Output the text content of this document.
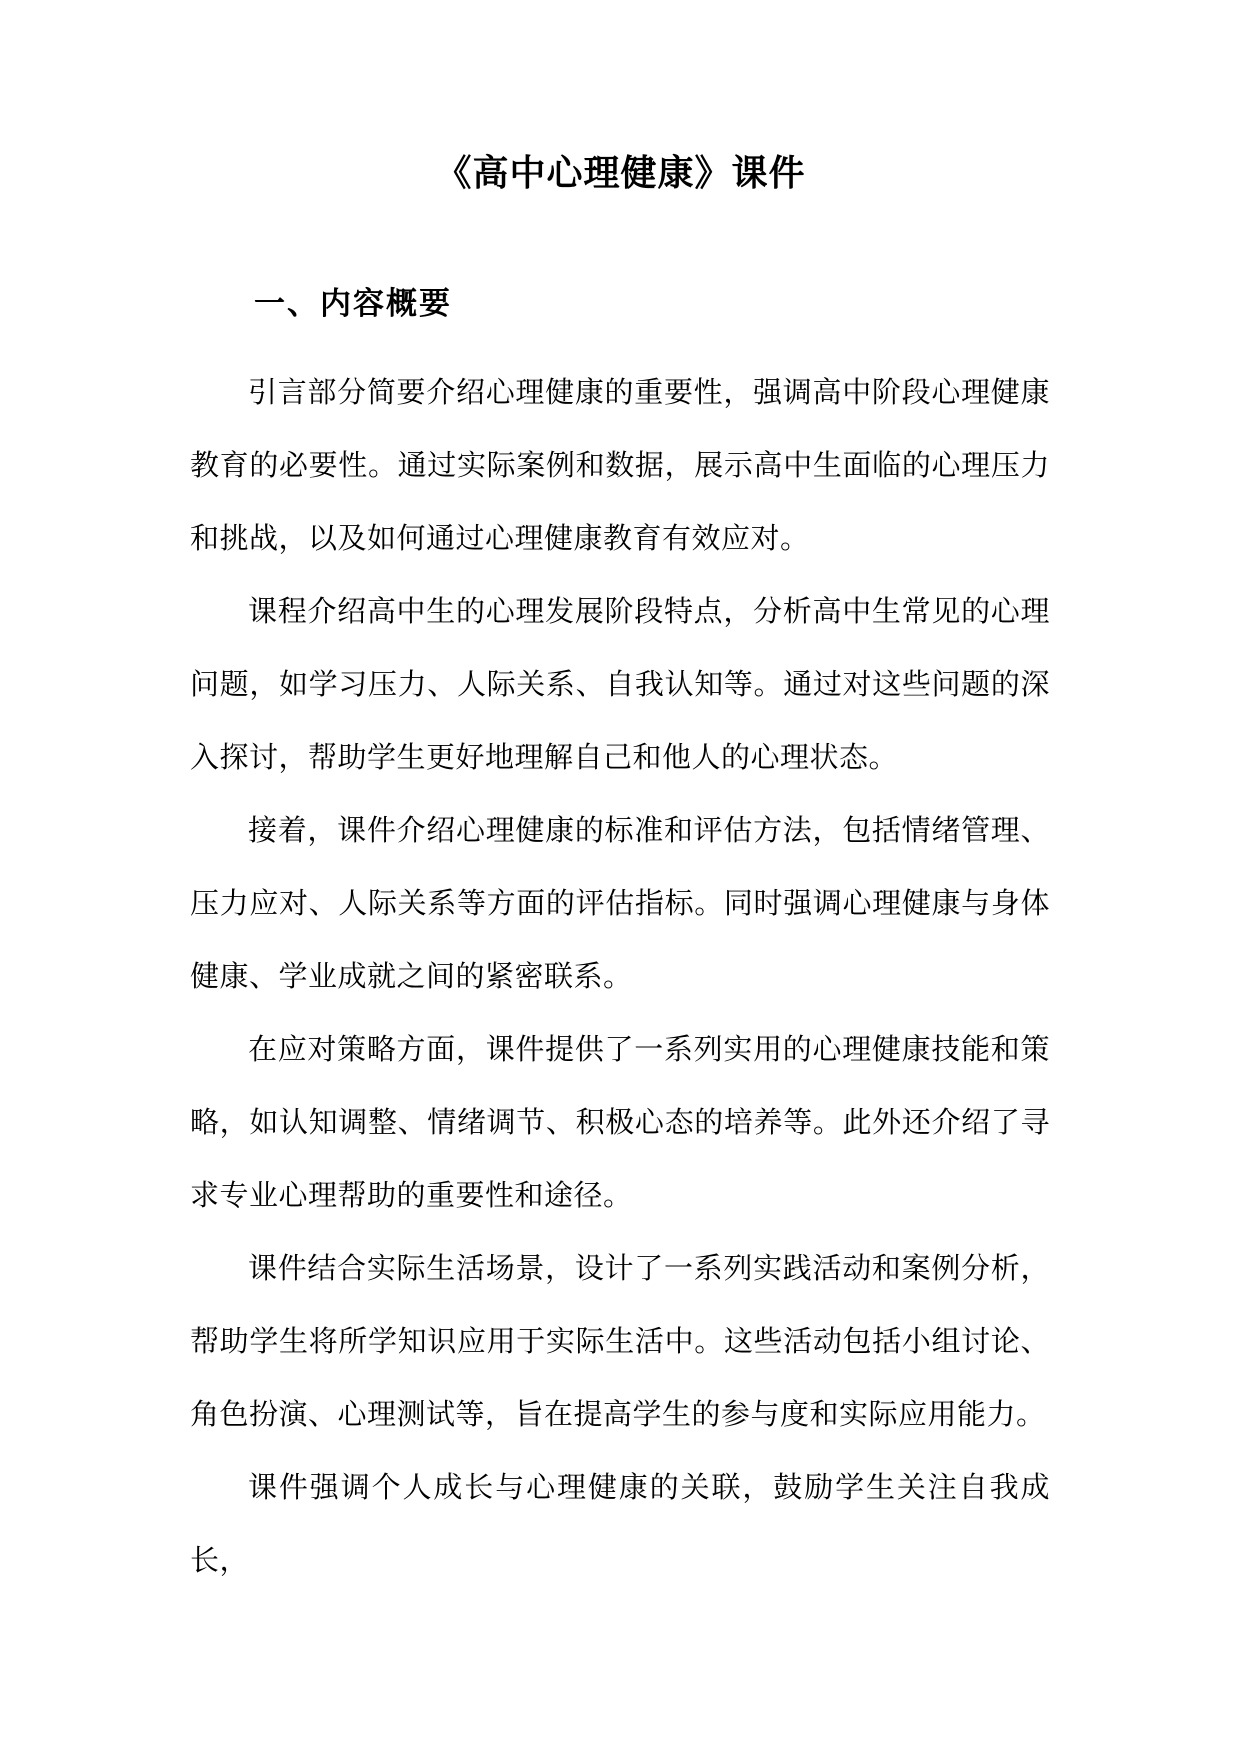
《高中心理健康》课件
一、内容概要

引言部分简要介绍心理健康的重要性，强调高中阶段心理健康教育的必要性。通过实际案例和数据，展示高中生面临的心理压力和挑战，以及如何通过心理健康教育有效应对。

课程介绍高中生的心理发展阶段特点，分析高中生常见的心理问题，如学习压力、人际关系、自我认知等。通过对这些问题的深入探讨，帮助学生更好地理解自己和他人的心理状态。

接着，课件介绍心理健康的标准和评估方法，包括情绪管理、压力应对、人际关系等方面的评估指标。同时强调心理健康与身体健康、学业成就之间的紧密联系。

在应对策略方面，课件提供了一系列实用的心理健康技能和策略，如认知调整、情绪调节、积极心态的培养等。此外还介绍了寻求专业心理帮助的重要性和途径。

课件结合实际生活场景，设计了一系列实践活动和案例分析，帮助学生将所学知识应用于实际生活中。这些活动包括小组讨论、角色扮演、心理测试等，旨在提高学生的参与度和实际应用能力。

课件强调个人成长与心理健康的关联，鼓励学生关注自我成长，
